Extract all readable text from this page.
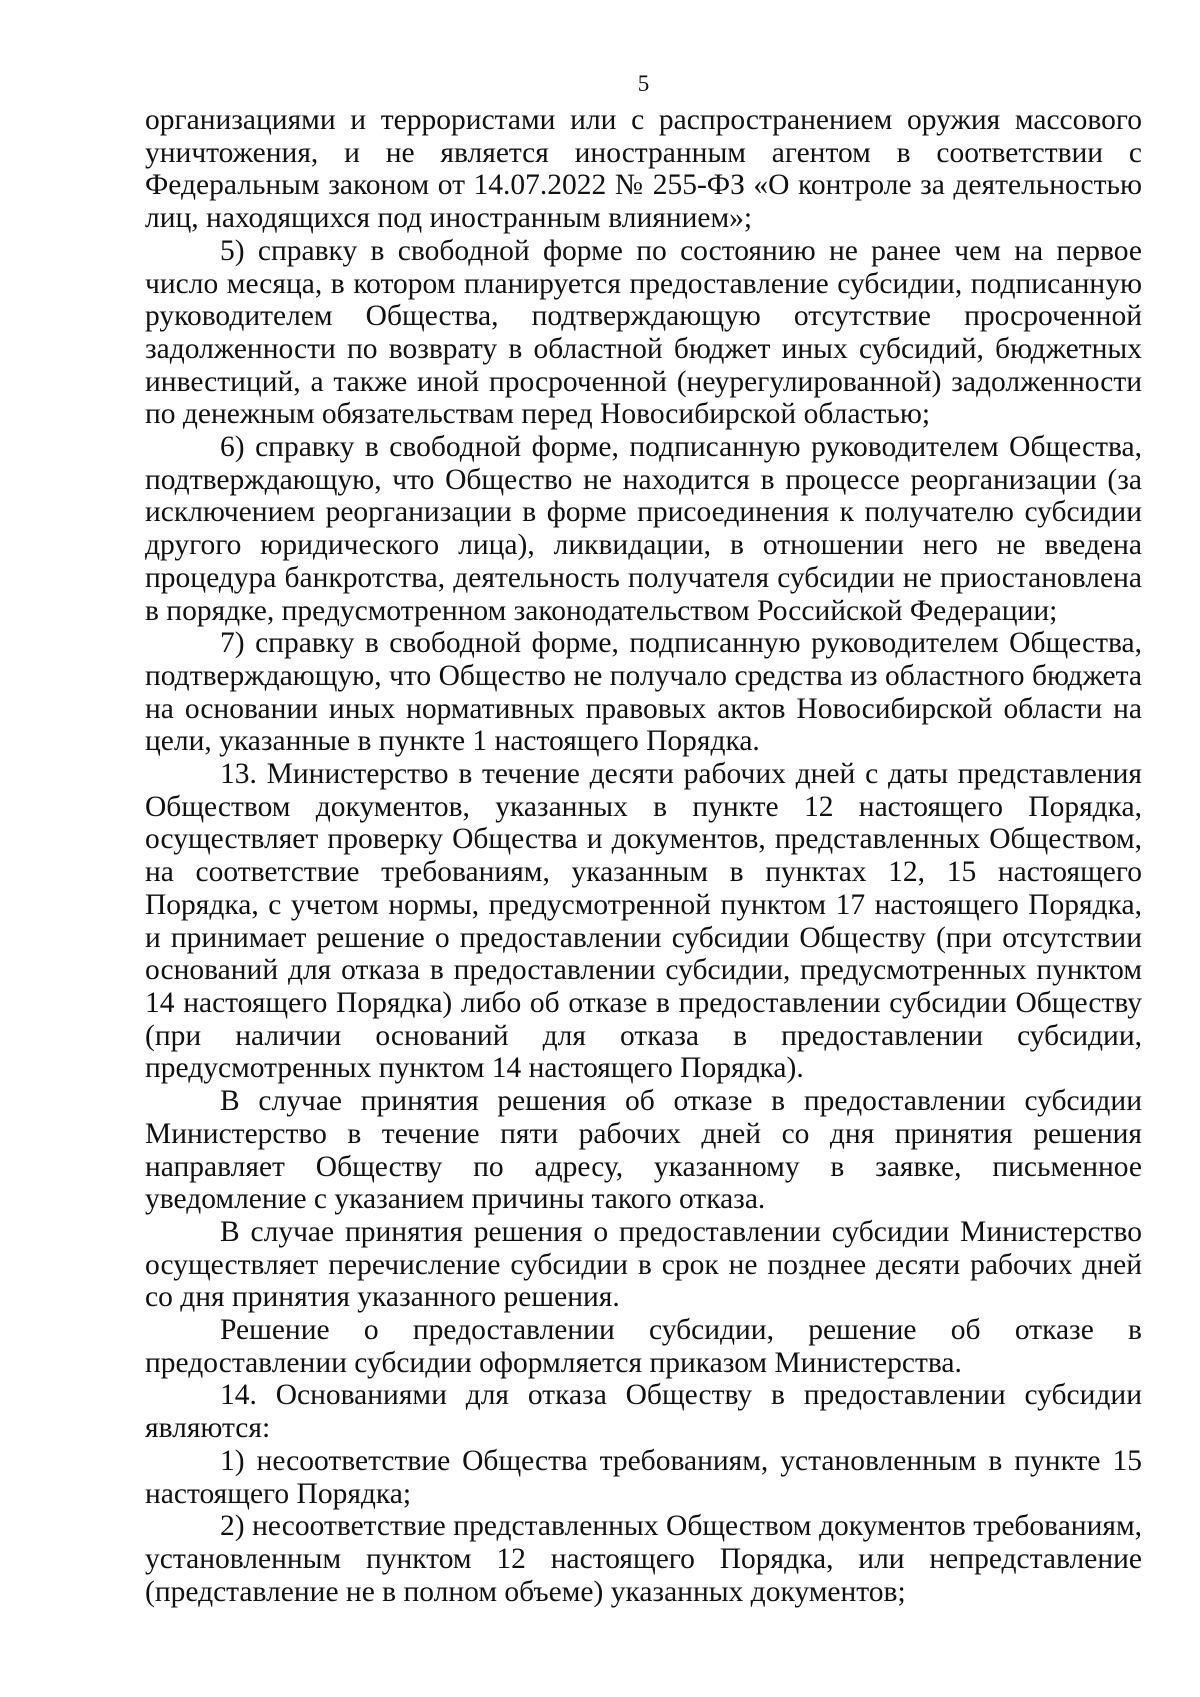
5

организациями и террористами или с распространением оружия массового уничтожения, и не является иностранным агентом в соответствии с Федеральным законом от 14.07.2022 № 255-ФЗ «О контроле за деятельностью лиц, находящихся под иностранным влиянием»;

5) справку в свободной форме по состоянию не ранее чем на первое число месяца, в котором планируется предоставление субсидии, подписанную руководителем Общества, подтверждающую отсутствие просроченной задолженности по возврату в областной бюджет иных субсидий, бюджетных инвестиций, а также иной просроченной (неурегулированной) задолженности по денежным обязательствам перед Новосибирской областью;

6) справку в свободной форме, подписанную руководителем Общества, подтверждающую, что Общество не находится в процессе реорганизации (за исключением реорганизации в форме присоединения к получателю субсидии другого юридического лица), ликвидации, в отношении него не введена процедура банкротства, деятельность получателя субсидии не приостановлена в порядке, предусмотренном законодательством Российской Федерации;

7) справку в свободной форме, подписанную руководителем Общества, подтверждающую, что Общество не получало средства из областного бюджета на основании иных нормативных правовых актов Новосибирской области на цели, указанные в пункте 1 настоящего Порядка.

13. Министерство в течение десяти рабочих дней с даты представления Обществом документов, указанных в пункте 12 настоящего Порядка, осуществляет проверку Общества и документов, представленных Обществом, на соответствие требованиям, указанным в пунктах 12, 15 настоящего Порядка, с учетом нормы, предусмотренной пунктом 17 настоящего Порядка, и принимает решение о предоставлении субсидии Обществу (при отсутствии оснований для отказа в предоставлении субсидии, предусмотренных пунктом 14 настоящего Порядка) либо об отказе в предоставлении субсидии Обществу (при наличии оснований для отказа в предоставлении субсидии, предусмотренных пунктом 14 настоящего Порядка).

В случае принятия решения об отказе в предоставлении субсидии Министерство в течение пяти рабочих дней со дня принятия решения направляет Обществу по адресу, указанному в заявке, письменное уведомление с указанием причины такого отказа.

В случае принятия решения о предоставлении субсидии Министерство осуществляет перечисление субсидии в срок не позднее десяти рабочих дней со дня принятия указанного решения.

Решение о предоставлении субсидии, решение об отказе в предоставлении субсидии оформляется приказом Министерства.

14. Основаниями для отказа Обществу в предоставлении субсидии являются:

1) несоответствие Общества требованиям, установленным в пункте 15 настоящего Порядка;

2) несоответствие представленных Обществом документов требованиям, установленным пунктом 12 настоящего Порядка, или непредставление (представление не в полном объеме) указанных документов;
